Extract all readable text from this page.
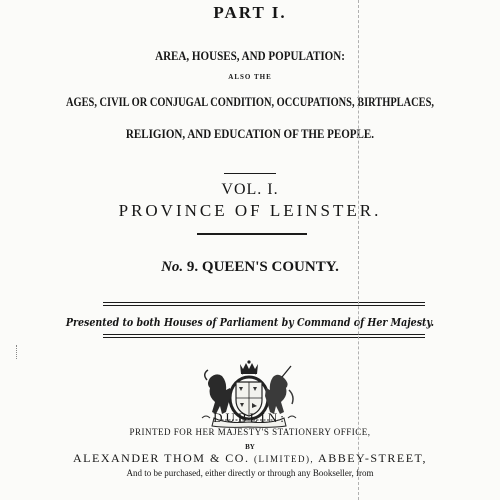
PART I.
AREA, HOUSES, AND POPULATION:
ALSO THE
AGES, CIVIL OR CONJUGAL CONDITION, OCCUPATIONS, BIRTHPLACES,
RELIGION, AND EDUCATION OF THE PEOPLE.
VOL. I.
PROVINCE OF LEINSTER.
No. 9. QUEEN'S COUNTY.
Presented to both Houses of Parliament by Command of Her Majesty.
DUBLIN:
PRINTED FOR HER MAJESTY'S STATIONERY OFFICE,
BY
ALEXANDER THOM & CO. (LIMITED), ABBEY-STREET,
And to be purchased, either directly or through any Bookseller, from
